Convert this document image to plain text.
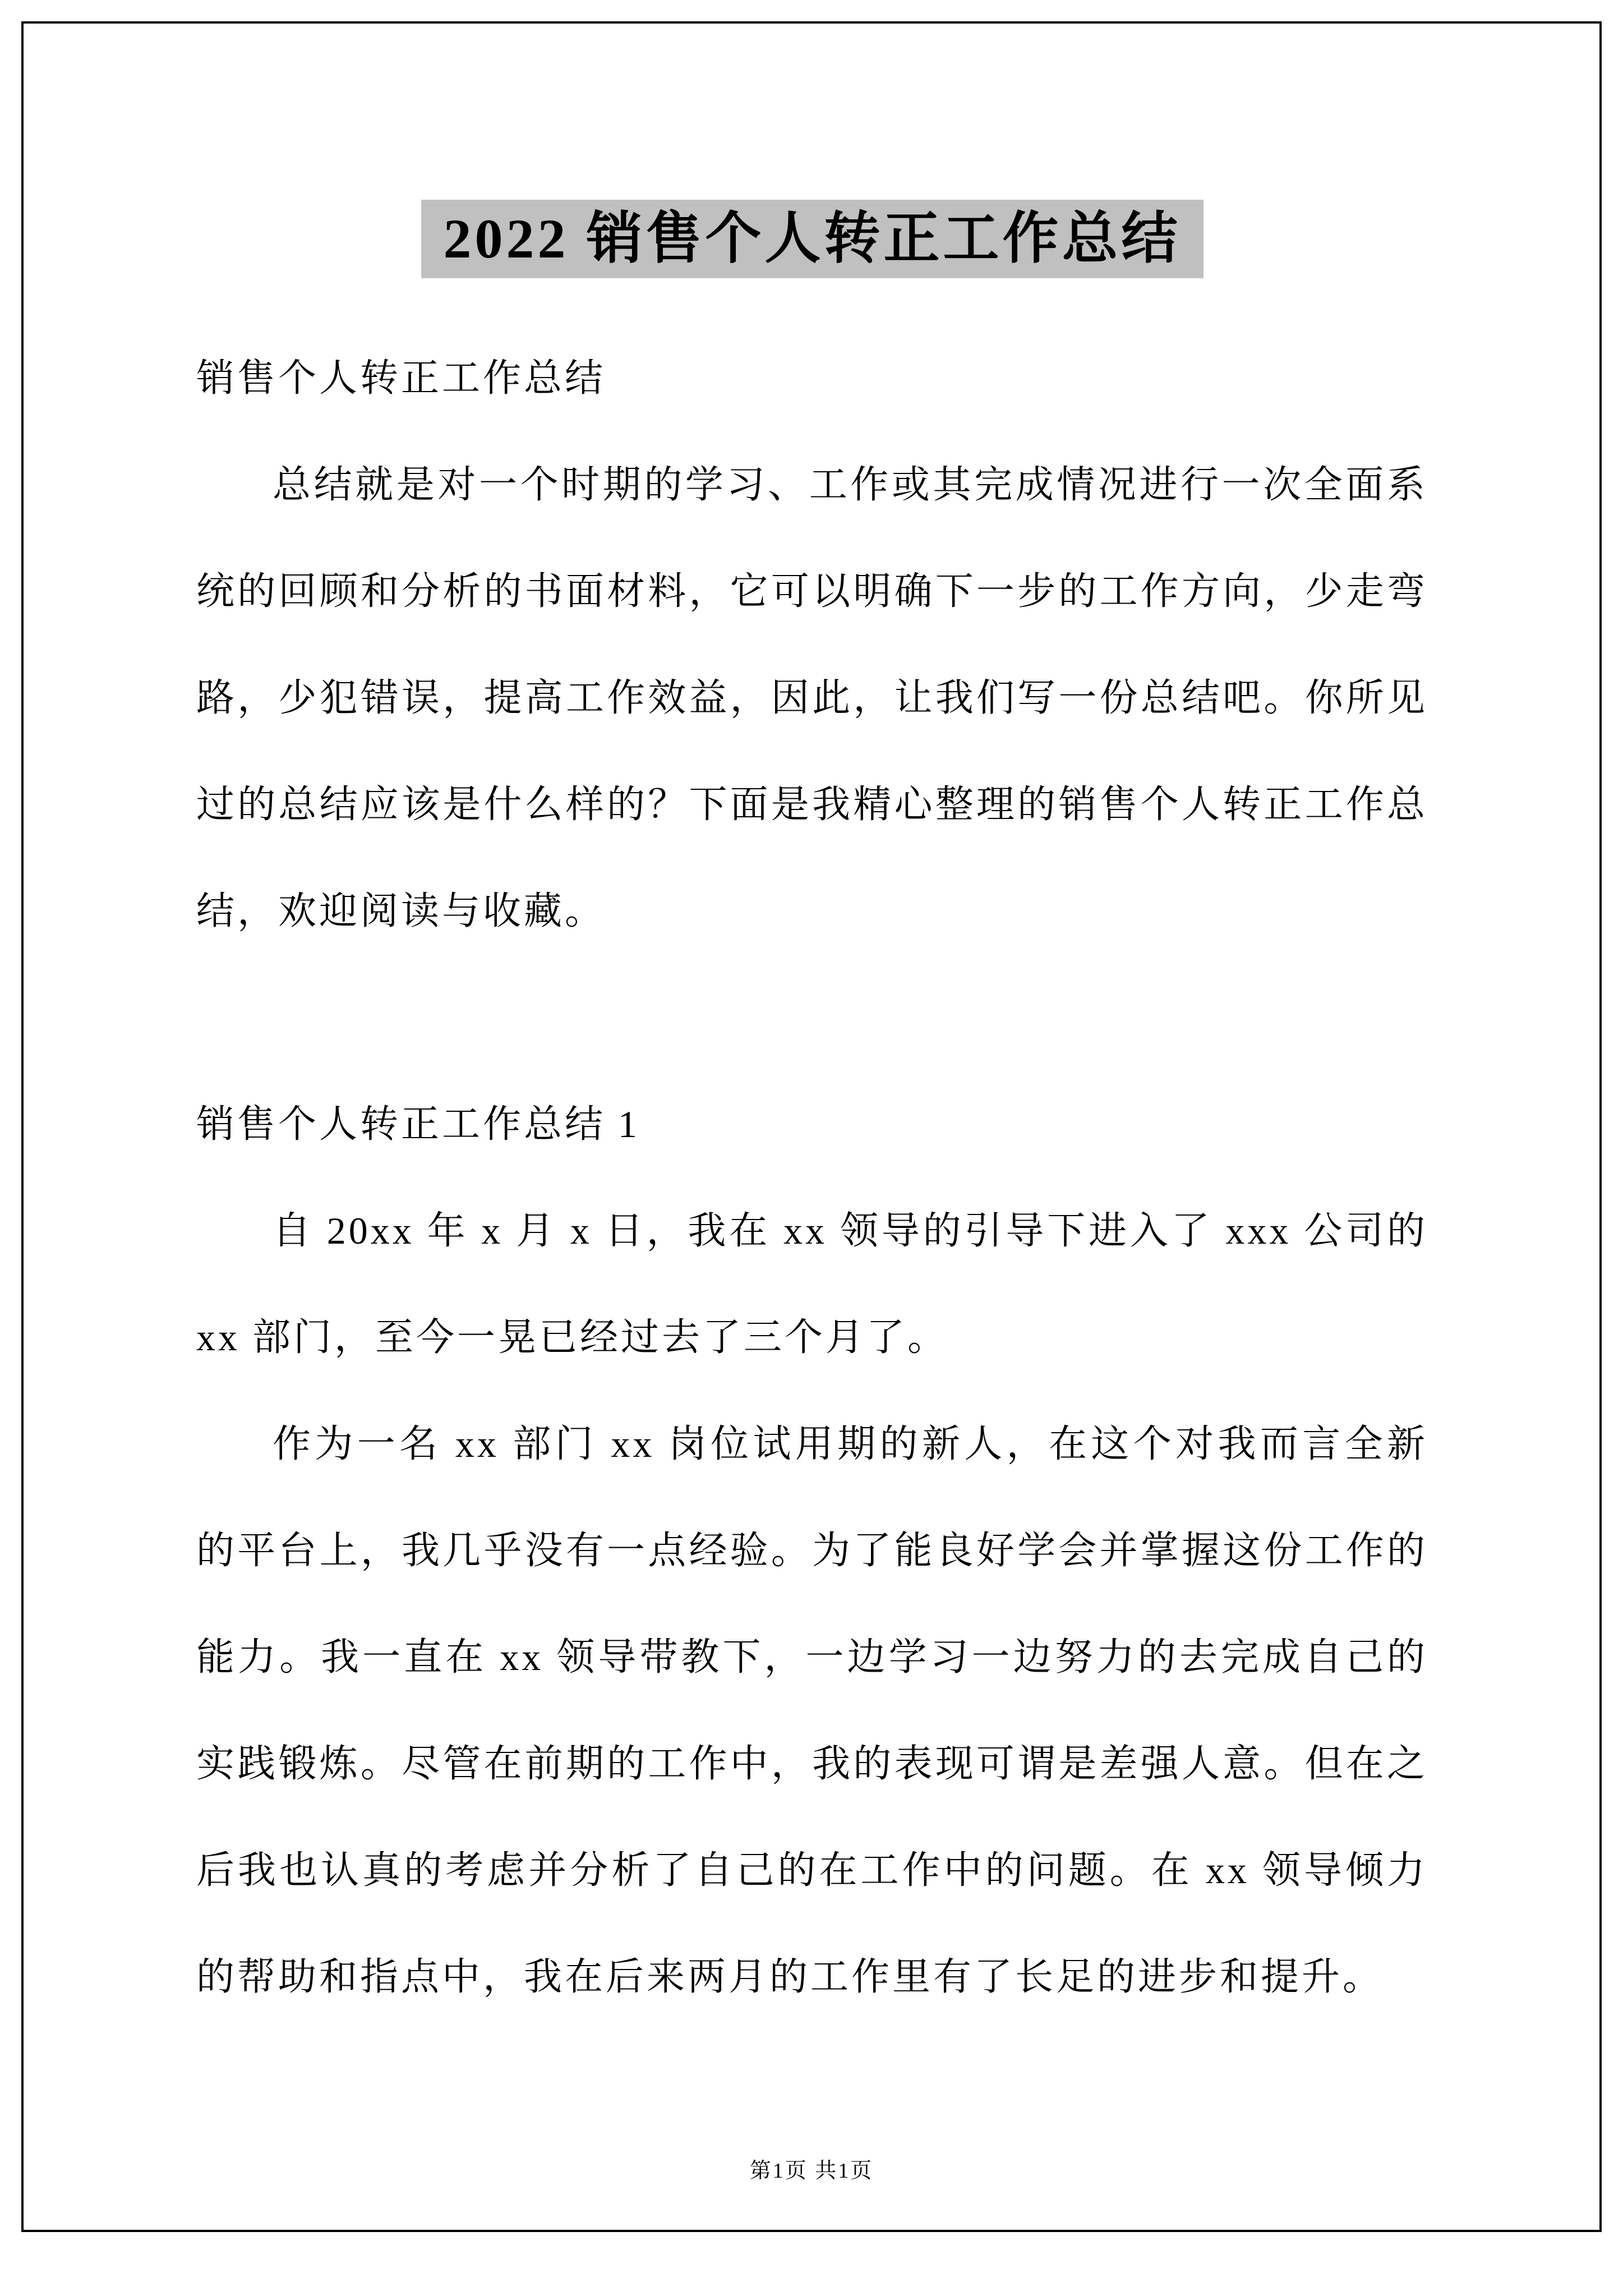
2022 销售个人转正工作总结

销售个人转正工作总结

总结就是对一个时期的学习、工作或其完成情况进行一次全面系统的回顾和分析的书面材料，它可以明确下一步的工作方向，少走弯路，少犯错误，提高工作效益，因此，让我们写一份总结吧。你所见过的总结应该是什么样的？下面是我精心整理的销售个人转正工作总结，欢迎阅读与收藏。

销售个人转正工作总结 1

自 20xx 年 x 月 x 日，我在 xx 领导的引导下进入了 xxx 公司的 xx 部门，至今一晃已经过去了三个月了。

作为一名 xx 部门 xx 岗位试用期的新人，在这个对我而言全新的平台上，我几乎没有一点经验。为了能良好学会并掌握这份工作的能力。我一直在 xx 领导带教下，一边学习一边努力的去完成自己的实践锻炼。尽管在前期的工作中，我的表现可谓是差强人意。但在之后我也认真的考虑并分析了自己的在工作中的问题。在 xx 领导倾力的帮助和指点中，我在后来两月的工作里有了长足的进步和提升。

第1页 共1页
